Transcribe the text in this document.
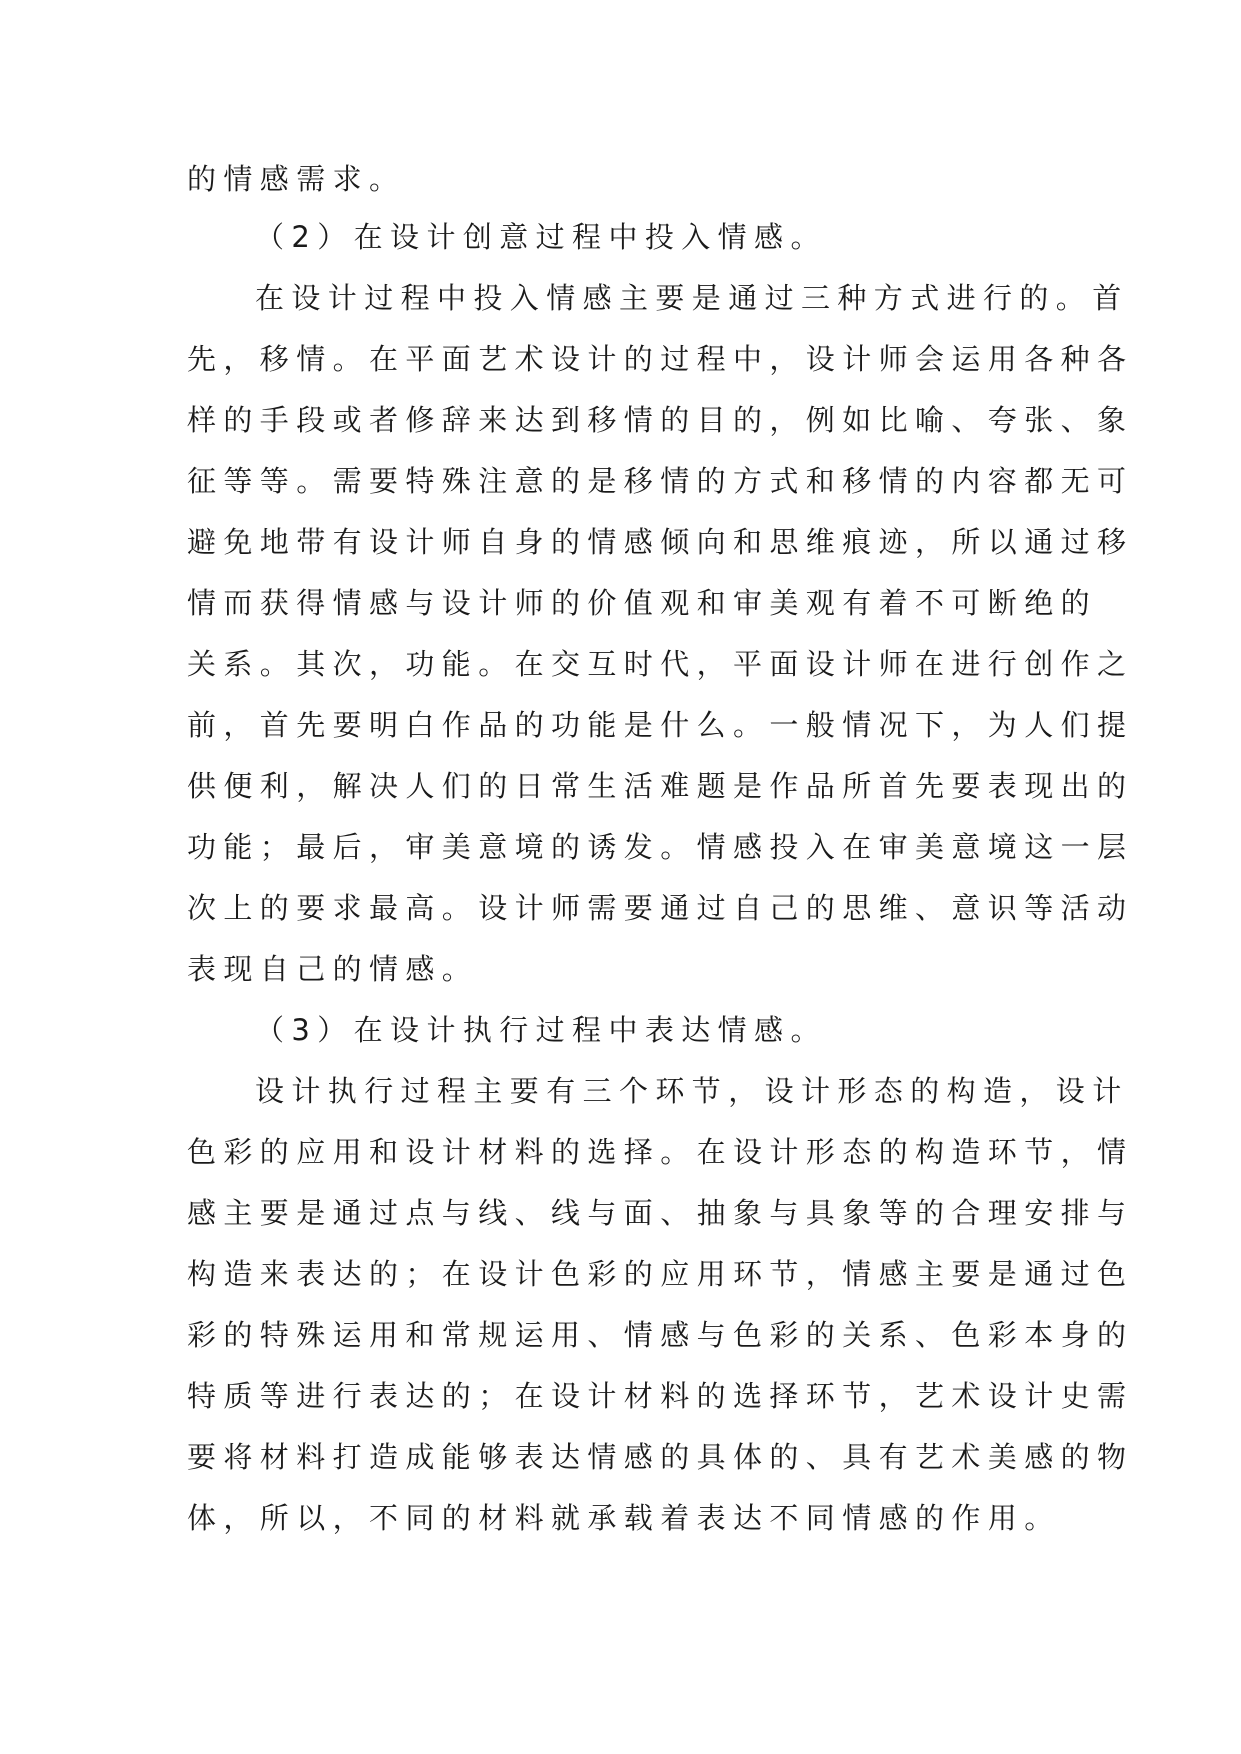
的情感需求。
（2）在设计创意过程中投入情感。
在设计过程中投入情感主要是通过三种方式进行的。首
先，移情。在平面艺术设计的过程中，设计师会运用各种各
样的手段或者修辞来达到移情的目的，例如比喻、夸张、象
征等等。需要特殊注意的是移情的方式和移情的内容都无可
避免地带有设计师自身的情感倾向和思维痕迹，所以通过移
情而获得情感与设计师的价值观和审美观有着不可断绝的
关系。其次，功能。在交互时代，平面设计师在进行创作之
前，首先要明白作品的功能是什么。一般情况下，为人们提
供便利，解决人们的日常生活难题是作品所首先要表现出的
功能；最后，审美意境的诱发。情感投入在审美意境这一层
次上的要求最高。设计师需要通过自己的思维、意识等活动
表现自己的情感。
（3）在设计执行过程中表达情感。
设计执行过程主要有三个环节，设计形态的构造，设计
色彩的应用和设计材料的选择。在设计形态的构造环节，情
感主要是通过点与线、线与面、抽象与具象等的合理安排与
构造来表达的；在设计色彩的应用环节，情感主要是通过色
彩的特殊运用和常规运用、情感与色彩的关系、色彩本身的
特质等进行表达的；在设计材料的选择环节，艺术设计史需
要将材料打造成能够表达情感的具体的、具有艺术美感的物
体，所以，不同的材料就承载着表达不同情感的作用。
